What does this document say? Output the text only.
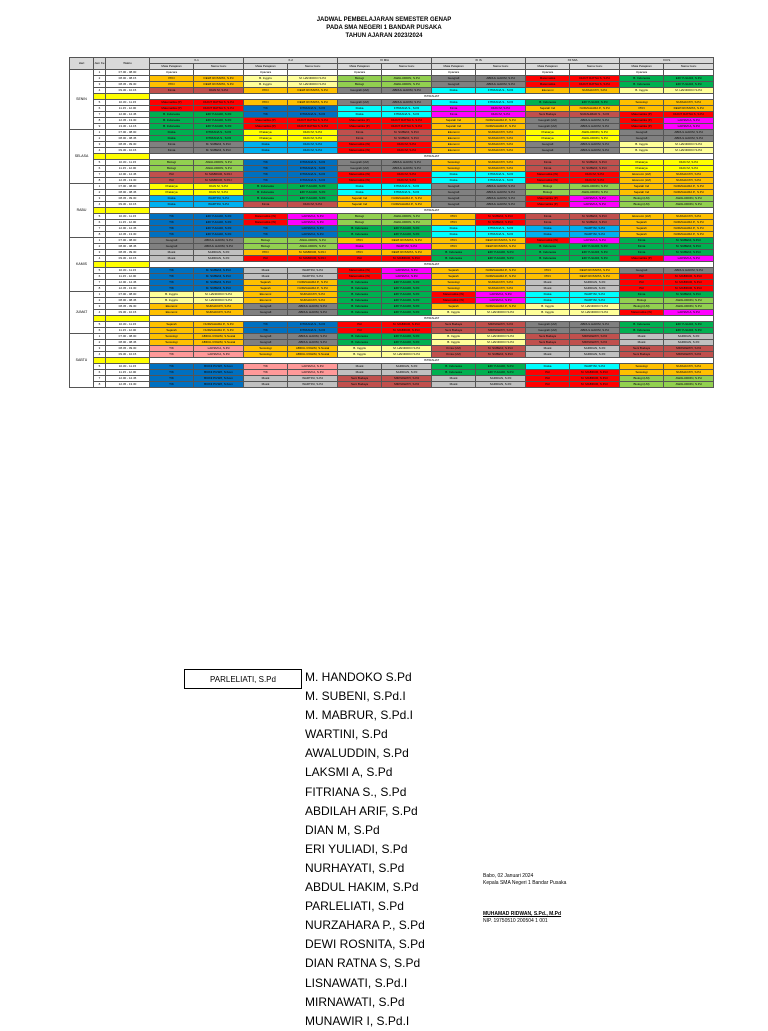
JADWAL PEMBELAJARAN SEMESTER GENAP
PADA SMA NEGERI 1 BANDAR PUSAKA
TAHUN AJARAN 2023/2024
Hari	Jam Ke	Waktu	X-1		X-2		XI MIA		XI IS		XII MIA		XII IS	
			Mata Pelajaran	Nama Guru	Mata Pelajaran	Nama Guru	Mata Pelajaran	Nama Guru	Mata Pelajaran	Nama Guru	Mata Pelajaran	Nama Guru	Mata Pelajaran	Nama Guru
SENIN	1	07.00 - 08.00	Upacara		Upacara		Upacara		Upacara		Upacara		Upacara	
	2	08.00 - 08.15	PKN	DEWI ROSNITA, S.Pd	B. Inggris	M. HANDOKO S.Pd	Biologi	AWALUDDIN, S.Pd	Geografi	ABDUL HAKIM, S.Pd	Matematika	DIANT RATNA S, S.Pd	B. Indonesia	ERI YULIADI, S.Pd
	3	08.45 - 09.30	PKN	DEWI ROSNITA, S.Pd	B. Inggris	M. HANDOKO S.Pd	Biologi	AWALUDDIN, S.Pd	Geografi	ABDUL HAKIM, S.Pd	Matematika	DIANT RATNA S, S.Pd	B. Indonesia	ERI YULIADI, S.Pd
	4	09.30 - 10.15	Kimia	DIAN M, S.Pd	PKN	DEWI ROSNITA, S.Pd	Geografi (LM)	ABDUL HAKIM, S.Pd	Fisika	FITRIANA S., S.Pd	Ekonomi	NURHAYATI, S.Pd	B. Inggris	M. HANDOKO S.Pd
			ISTIRAHAT											
	5	10.30 - 11.15	Matematika (P)	DIANT RATNA S, S.Pd	PKN	DEWI ROSNITA, S.Pd	Geografi (LM)	ABDUL HAKIM, S.Pd	Fisika	FITRIANA S., S.Pd	B. Indonesia	ERI YULIADI, S.Pd	Sosiologi	NURHAYATI, S.Pd
	6	11.15 - 12.00	Matematika (P)	DIANT RATNA S, S.Pd	TIK	FITRIANA S., S.Pd	Fisika	FITRIANA S., S.Pd	Kimia	DIAN M, S.Pd	Sejarah Ind	NURZAHARA P., S.Pd	PKN	DEWI ROSNITA, S.Pd
	7	12.00 - 12.45	B. Indonesia	ERI YULIADI, S.Pd	TIK	FITRIANA S., S.Pd	Fisika	FITRIANA S., S.Pd	Kimia	DIAN M, S.Pd	Seni Budaya	NURAHMAD S., S.Pd	Matematika (P)	DIANT RATNA S, S.Pd
	8	12.45 - 13.30	B. Indonesia	ERI YULIADI, S.Pd	Matematika (P)	DIANT RATNA S, S.Pd	Matematika (P)	DIANT RATNA S, S.Pd	Sejarah Ind	NURZAHARA P., S.Pd	Geografi (LM)	ABDUL HAKIM, S.Pd	Matematika (P)	LAKSMI A, S.Pd
	9	13.30 - 14.15	B. Indonesia	ERI YULIADI, S.Pd	Matematika (P)	DIANT RATNA S, S.Pd	Matematika (P)	DIANT RATNA S, S.Pd	Sejarah Ind	NURZAHARA P., S.Pd	Geografi (LM)	ABDUL HAKIM, S.Pd	Matematika (P)	LAKSMI A, S.Pd
SELASA	1	07.00 - 08.00	Fisika	FITRIANA S., S.Pd	Prakarya	DIAN M, S.Pd	Kimia	M. SUBENI, S.Pd.I	Ekonomi	NURHAYATI, S.Pd	Prakarya	AWALUDDIN, S.Pd	Geografi	ABDUL HAKIM, S.Pd
	2	08.00 - 08.45	Fisika	FITRIANA S., S.Pd	Prakarya	DIAN M, S.Pd	Kimia	M. SUBENI, S.Pd.I	Ekonomi	NURHAYATI, S.Pd	Prakarya	AWALUDDIN, S.Pd	Geografi	ABDUL HAKIM, S.Pd
	3	08.45 - 09.30	Kimia	M. SUBENI, S.Pd.I	Fisika	DIAN M, S.Pd	Matematika (W)	DIAN M, S.Pd	Ekonomi	NURHAYATI, S.Pd	Geografi	ABDUL HAKIM, S.Pd	B. Inggris	M. HANDOKO S.Pd
	4	09.30 - 10.15	Kimia	M. SUBENI, S.Pd.I	Fisika	DIAN M, S.Pd	Matematika (W)	DIAN M, S.Pd	Ekonomi	NURHAYATI, S.Pd	Geografi	ABDUL HAKIM, S.Pd	B. Inggris	M. HANDOKO S.Pd
			ISTIRAHAT											
	5	10.30 - 11.15	Biologi	AWALUDDIN, S.Pd	TIK	FITRIANA S., S.Pd	Geografi (LM)	ABDUL HAKIM, S.Pd	Sosiologi	NURHAYATI, S.Pd	Kimia	M. SUBENI, S.Pd.I	Prakarya	DIAN M, S.Pd
	6	11.15 - 12.00	Biologi	AWALUDDIN, S.Pd	TIK	FITRIANA S., S.Pd	Geografi (LM)	ABDUL HAKIM, S.Pd	Sosiologi	NURHAYATI, S.Pd	Kimia	M. SUBENI, S.Pd.I	Prakarya	DIAN M, S.Pd
	7	12.00 - 12.45	PAI	M. MABRUR, S.Pd.I	TIK	FITRIANA S., S.Pd	Matematika (W)	DIAN M, S.Pd	Fisika	FITRIANA S., S.Pd	Matematika (W)	DIAN M, S.Pd	Ekonomi (LM)	NURHAYATI, S.Pd
	8	12.45 - 13.30	PAI	M. MABRUR, S.Pd.I	TIK	FITRIANA S., S.Pd	Matematika (W)	DIAN M, S.Pd	Fisika	FITRIANA S., S.Pd	Matematika (W)	DIAN M, S.Pd	Ekonomi (LM)	NURHAYATI, S.Pd
RABU	1	07.00 - 08.00	Prakarya	DIAN M, S.Pd	B. Indonesia	ERI YULIADI, S.Pd	Fisika	FITRIANA S., S.Pd	Geografi	ABDUL HAKIM, S.Pd	Biologi	AWALUDDIN, S.Pd	Sejarah Ind	NURZAHARA P., S.Pd
	2	08.00 - 08.45	Prakarya	DIAN M, S.Pd	B. Indonesia	ERI YULIADI, S.Pd	Fisika	FITRIANA S., S.Pd	Geografi	ABDUL HAKIM, S.Pd	Biologi	AWALUDDIN, S.Pd	Sejarah Ind	NURZAHARA P., S.Pd
	3	08.45 - 09.30	Fisika	WARTINI, S.Pd	B. Indonesia	ERI YULIADI, S.Pd	Sejarah Ind	NURZAHARA P., S.Pd	Geografi	ABDUL HAKIM, S.Pd	Matematika (P)	LAKSMI A, S.Pd	Biologi (LM)	AWALUDDIN, S.Pd
	4	09.30 - 10.15	Fisika	WARTINI, S.Pd	Kimia	DIAN M, S.Pd	Sejarah Ind	NURZAHARA P., S.Pd	Geografi	ABDUL HAKIM, S.Pd	Matematika (P)	LAKSMI A, S.Pd	Biologi (LM)	AWALUDDIN, S.Pd
			ISTIRAHAT											
	5	10.30 - 11.15	TIK	ERI YULIADI, S.Pd	Matematika (W)	LAKSMI A, S.Pd	Biologi	AWALUDDIN, S.Pd	PKN	M. SUBENI, S.Pd.I	Kimia	M. SUBENI, S.Pd.I	Ekonomi (LM)	NURHAYATI, S.Pd
	6	11.15 - 12.00	TIK	ERI YULIADI, S.Pd	Matematika (W)	LAKSMI A, S.Pd	Biologi	AWALUDDIN, S.Pd	PKN	M. SUBENI, S.Pd.I	Kimia	M. SUBENI, S.Pd.I	Sejarah	NURZAHARA P., S.Pd
	7	12.00 - 12.45	TIK	ERI YULIADI, S.Pd	TIK	LAKSMI A, S.Pd	B. Indonesia	ERI YULIADI, S.Pd	Fisika	FITRIANA S., S.Pd	Fisika	WARTINI, S.Pd	Sejarah	NURZAHARA P., S.Pd
	8	12.45 - 13.30	TIK	ERI YULIADI, S.Pd	TIK	LAKSMI A, S.Pd	B. Indonesia	ERI YULIADI, S.Pd	Fisika	FITRIANA S., S.Pd	Fisika	WARTINI, S.Pd	Sejarah	NURZAHARA P., S.Pd
KAMIS	1	07.00 - 08.00	Geografi	ABDUL HAKIM, S.Pd	Biologi	AWALUDDIN, S.Pd	PKN	DEWI ROSNITA, S.Pd	PKN	DEWI ROSNITA, S.Pd	Matematika (W)	LAKSMI A, S.Pd	Kimia	M. SUBENI, S.Pd.I
	2	08.00 - 08.45	Geografi	ABDUL HAKIM, S.Pd	Biologi	AWALUDDIN, S.Pd	Fisika	WARTINI, S.Pd	PKN	DEWI ROSNITA, S.Pd	B. Indonesia	ERI YULIADI, S.Pd	Kimia	M. SUBENI, S.Pd.I
	3	08.45 - 09.30	Musik	SARDIAN, S.Pd	PKN	M. MABRUR, S.Pd.I	PKN	DEWI ROSNITA, S.Pd	B. Indonesia	ERI YULIADI, S.Pd	B. Indonesia	ERI YULIADI, S.Pd	Kimia	M. SUBENI, S.Pd.I
	4	09.30 - 10.15	Musik	SARDIAN, S.Pd	PAI	M. MABRUR, S.Pd.I	PAI	M. MABRUR, S.Pd.I	B. Indonesia	ERI YULIADI, S.Pd	B. Indonesia	ERI YULIADI, S.Pd	Matematika (P)	LAKSMI A, S.Pd
			ISTIRAHAT											
	5	10.30 - 11.15	TIK	M. SUBENI, S.Pd.I	Musik	WARTINI, S.Pd	Matematika (W)	LAKSMI A, S.Pd	Sejarah	NURZAHARA P., S.Pd	PKN	DEWI ROSNITA, S.Pd	Geografi	ABDUL HAKIM, S.Pd
	6	11.15 - 12.00	TIK	M. SUBENI, S.Pd.I	Musik	WARTINI, S.Pd	Matematika (W)	LAKSMI A, S.Pd	Sejarah	NURZAHARA P., S.Pd	PKN	DEWI ROSNITA, S.Pd	PAI	M. MABRUR, S.Pd.I
	7	12.00 - 12.45	TIK	M. SUBENI, S.Pd.I	Sejarah	NURZAHARA P., S.Pd	B. Indonesia	ERI YULIADI, S.Pd	Sosiologi	NURHAYATI, S.Pd	Musik	SARDIAN, S.Pd	PAI	M. MABRUR, S.Pd.I
	8	12.45 - 13.30	TIK	M. SUBENI, S.Pd.I	Sejarah	NURZAHARA P., S.Pd	B. Indonesia	ERI YULIADI, S.Pd	Sosiologi	NURHAYATI, S.Pd	Musik	SARDIAN, S.Pd	PAI	M. MABRUR, S.Pd.I
JUMAT	1	07.00 - 08.00	B. Inggris	M. HANDOKO S.Pd	Ekonomi	NURHAYATI, S.Pd	B. Indonesia	ERI YULIADI, S.Pd	Matematika (W)	LAKSMI A, S.Pd	Fisika	WARTINI, S.Pd	Kimia	M. SUBENI, S.Pd.I
	2	08.00 - 08.45	B. Inggris	M. HANDOKO S.Pd	Ekonomi	NURHAYATI, S.Pd	B. Indonesia	ERI YULIADI, S.Pd	Matematika (W)	LAKSMI A, S.Pd	Fisika	WARTINI, S.Pd	Biologi	AWALUDDIN, S.Pd
	3	08.45 - 09.30	Ekonomi	NURHAYATI, S.Pd	Geografi	ABDUL HAKIM, S.Pd	B. Indonesia	ERI YULIADI, S.Pd	Sejarah	NURZAHARA P., S.Pd	B. Inggris	M. HANDOKO S.Pd	Biologi (LM)	AWALUDDIN, S.Pd
	4	09.30 - 10.15	Ekonomi	NURHAYATI, S.Pd	Geografi	ABDUL HAKIM, S.Pd	B. Indonesia	ERI YULIADI, S.Pd	B. Inggris	M. HANDOKO S.Pd	B. Inggris	M. HANDOKO S.Pd	Matematika (W)	LAKSMI A, S.Pd
			ISTIRAHAT											
	5	10.30 - 11.15	Sejarah	NURZAHARA P., S.Pd	TIK	FITRIANA S., S.Pd	PAI	M. MABRUR, S.Pd.I	Seni Budaya	MIRNAWATI, S.Pd	Geografi (LM)	ABDUL HAKIM, S.Pd	B. Indonesia	ERI YULIADI, S.Pd
	6	11.15 - 12.00	Sejarah	NURZAHARA P., S.Pd	TIK	FITRIANA S., S.Pd	PAI	M. MABRUR, S.Pd.I	Seni Budaya	MIRNAWATI, S.Pd	Geografi (LM)	ABDUL HAKIM, S.Pd	B. Indonesia	ERI YULIADI, S.Pd
SABTU	1	07.00 - 08.00	Sosiologi	ABDUL ROHIM, S.Sosial	Geografi	ABDUL HAKIM, S.Pd	B. Indonesia	ERI YULIADI, S.Pd	B. Inggris	M. HANDOKO S.Pd	Seni Budaya	MIRNAWATI, S.Pd	Musik	SARDIAN, S.Pd
	2	08.00 - 08.45	Sosiologi	ABDUL ROHIM, S.Sosial	Geografi	ABDUL HAKIM, S.Pd	B. Indonesia	ERI YULIADI, S.Pd	B. Inggris	M. HANDOKO S.Pd	Seni Budaya	MIRNAWATI, S.Pd	Musik	SARDIAN, S.Pd
	3	08.45 - 09.30	TIK	LAKSMI A, S.Pd	Sosiologi	ABDUL ROHIM, S.Sosial	B. Inggris	M. HANDOKO S.Pd	Kimia (LM)	M. SUBENI, S.Pd.I	Musik	SARDIAN, S.Pd	Seni Budaya	MIRNAWATI, S.Pd
	4	09.30 - 10.15	TIK	LAKSMI A, S.Pd	Sosiologi	ABDUL ROHIM, S.Sosial	B. Inggris	M. HANDOKO S.Pd	Kimia (LM)	M. SUBENI, S.Pd.I	Musik	SARDIAN, S.Pd	Seni Budaya	MIRNAWATI, S.Pd
			ISTIRAHAT											
	5	10.30 - 11.15	TIK	BIONI PUSPI, S.Kom	TIK	LAKSMI A, S.Pd	Musik	SARDIAN, S.Pd	B. Indonesia	ERI YULIADI, S.Pd	Fisika	WARTINI, S.Pd	Sosiologi	NURHAYATI, S.Pd
	6	11.15 - 12.00	TIK	BIONI PUSPI, S.Kom	TIK	LAKSMI A, S.Pd	Musik	SARDIAN, S.Pd	B. Indonesia	ERI YULIADI, S.Pd	PAI	M. MABRUR, S.Pd.I	Sosiologi	NURHAYATI, S.Pd
	7	12.00 - 12.45	TIK	BIONI PUSPI, S.Kom	Musik	WARTINI, S.Pd	Seni Budaya	MIRNAWATI, S.Pd	Musik	SARDIAN, S.Pd	PAI	M. MABRUR, S.Pd.I	Biologi (LM)	AWALUDDIN, S.Pd
	8	12.45 - 13.30	TIK	BIONI PUSPI, S.Kom	Musik	WARTINI, S.Pd	Seni Budaya	MIRNAWATI, S.Pd	Musik	SARDIAN, S.Pd	PAI	M. MABRUR, S.Pd.I	Biologi (LM)	AWALUDDIN, S.Pd
Babo, 02 Januari 2024
Kepala SMA Negeri 1 Bandar Pusaka
MUHAMAD RIDWAN, S.Pd., M.Pd
NIP. 19750510 200504 1 001
PARLELIATI, S.Pd	M. HANDOKO S.Pd
M. SUBENI, S.Pd.I
M. MABRUR, S.Pd.I
WARTINI, S.Pd
AWALUDDIN, S.Pd
LAKSMI A, S.Pd
FITRIANA S., S.Pd
ABDILAH ARIF, S.Pd
DIAN M, S.Pd
ERI YULIADI, S.Pd
NURHAYATI, S.Pd
ABDUL HAKIM, S.Pd
PARLELIATI, S.Pd
NURZAHARA P., S.Pd
DEWI ROSNITA, S.Pd
DIAN RATNA S, S.Pd
LISNAWATI, S.Pd.I
MIRNAWATI, S.Pd
MUNAWIR I, S.Pd.I
